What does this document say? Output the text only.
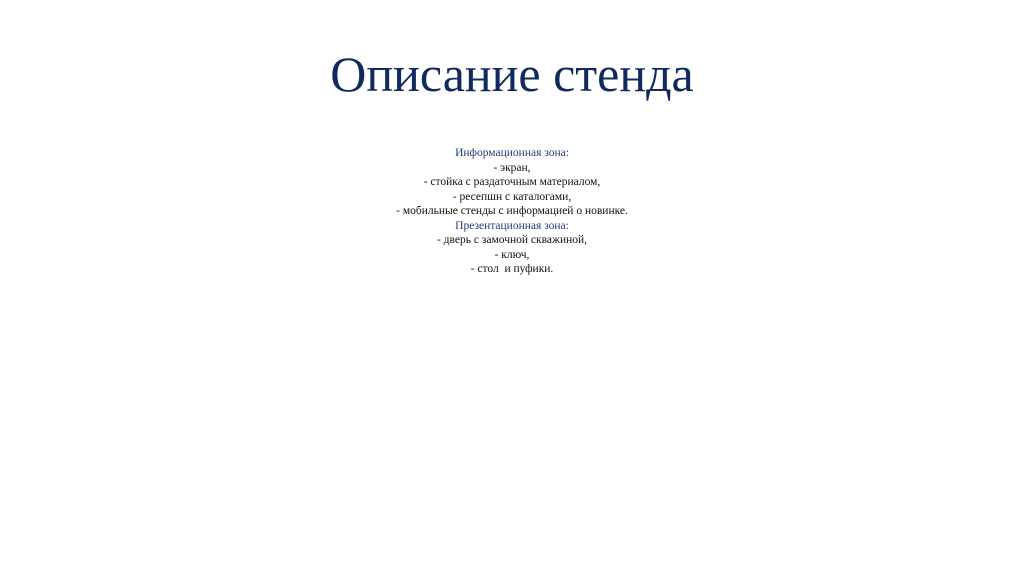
Описание стенда
Информационная зона:
- экран,
- стойка с раздаточным материалом,
- ресепшн с каталогами,
- мобильные стенды с информацией о новинке.
Презентационная зона:
- дверь с замочной скважиной,
- ключ,
- стол  и пуфики.
